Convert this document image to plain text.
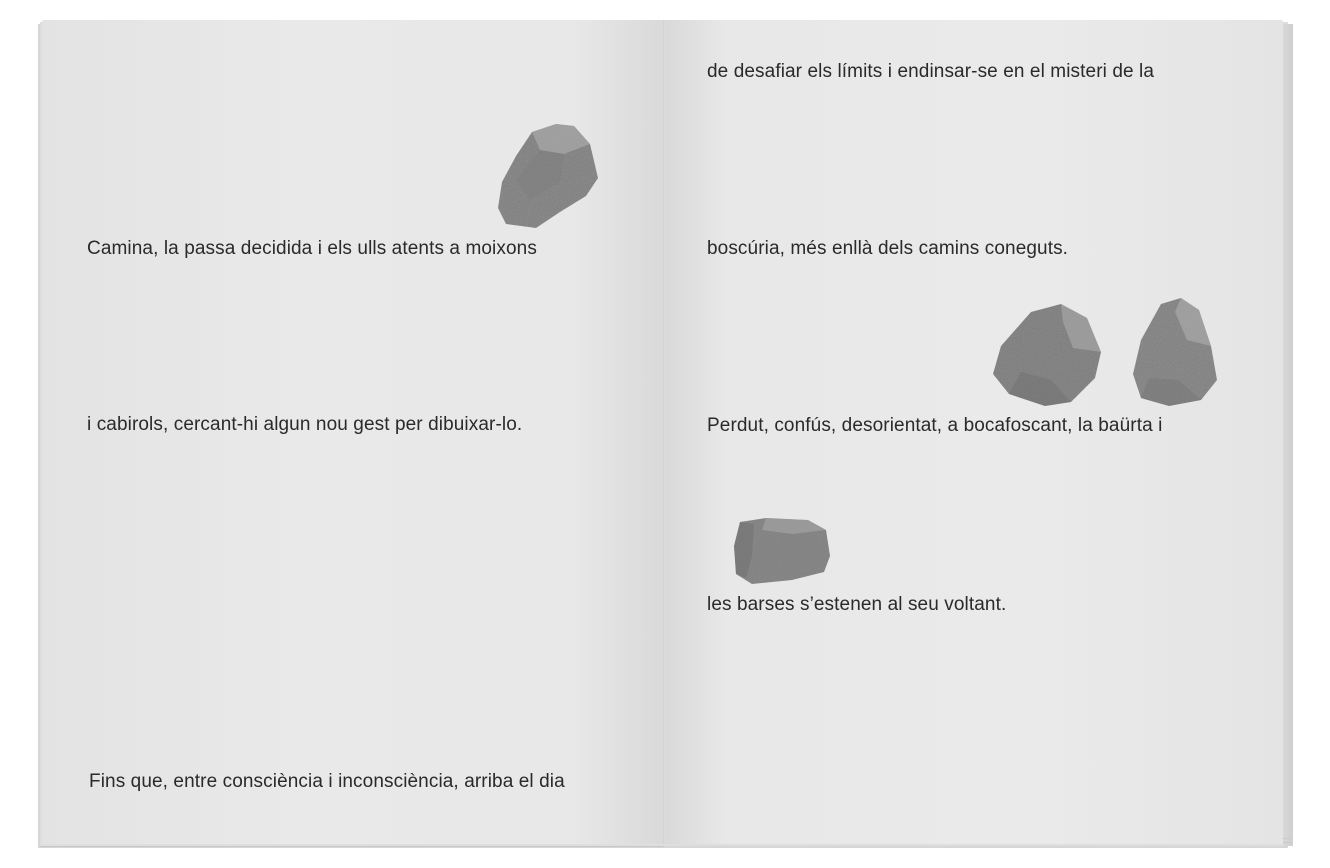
Camina, la passa decidida i els ulls atents a moixons
i cabirols, cercant-hi algun nou gest per dibuixar-lo.
Fins que, entre consciència i inconsciència, arriba el dia
de desafiar els límits i endinsar-se en el misteri de la
boscúria, més enllà dels camins coneguts.
Perdut, confús, desorientat, a bocafoscant, la baürta i
les barses s’estenen al seu voltant.
